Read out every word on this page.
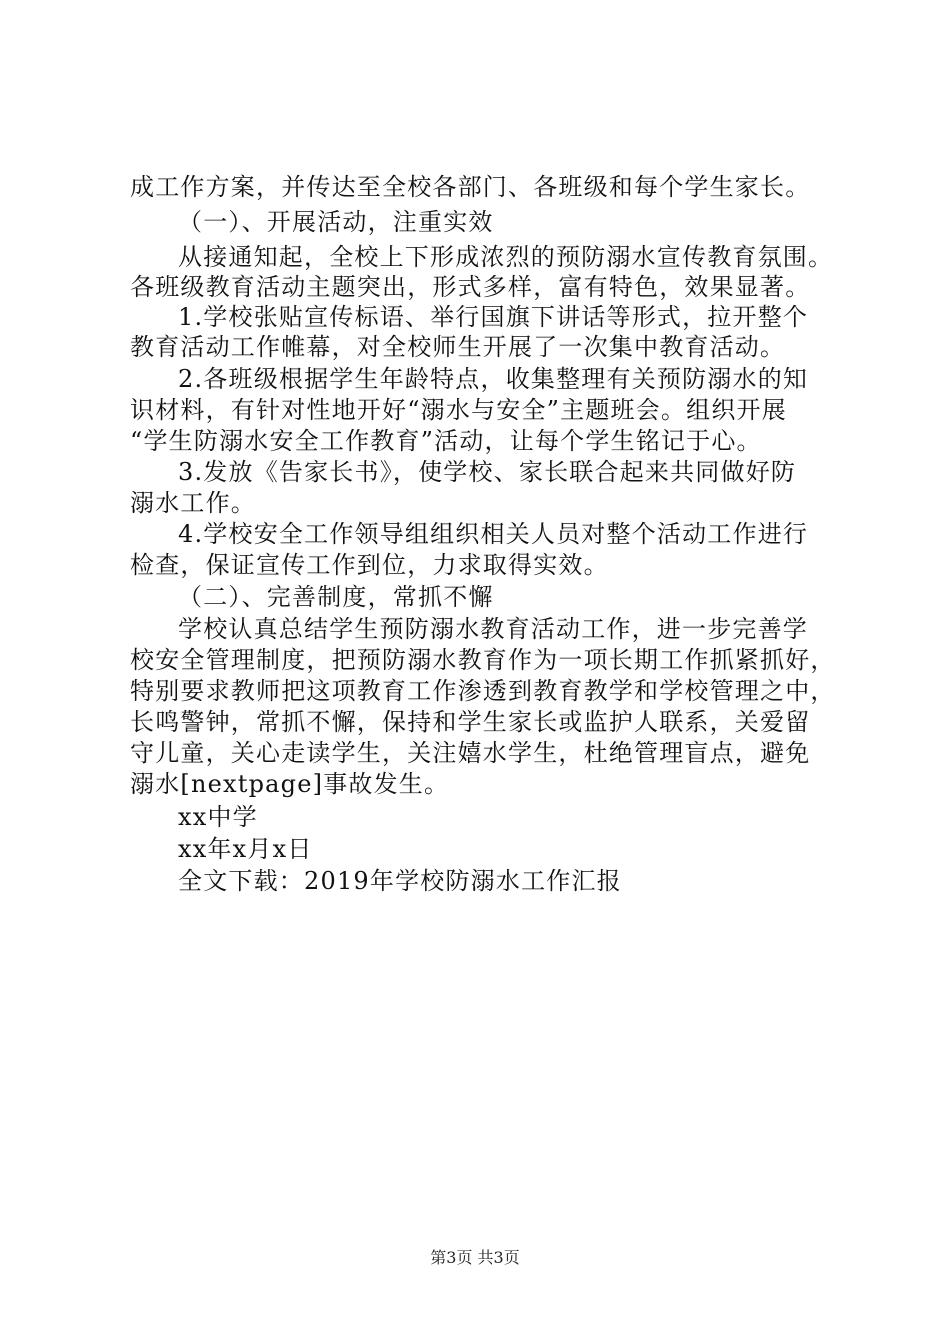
成工作方案，并传达至全校各部门、各班级和每个学生家长。
（一）、开展活动，注重实效
从接通知起，全校上下形成浓烈的预防溺水宣传教育氛围。
各班级教育活动主题突出，形式多样，富有特色，效果显著。
1.学校张贴宣传标语、举行国旗下讲话等形式，拉开整个
教育活动工作帷幕，对全校师生开展了一次集中教育活动。
2.各班级根据学生年龄特点，收集整理有关预防溺水的知
识材料，有针对性地开好“溺水与安全”主题班会。组织开展
“学生防溺水安全工作教育”活动，让每个学生铭记于心。
3.发放《告家长书》，使学校、家长联合起来共同做好防
溺水工作。
4.学校安全工作领导组组织相关人员对整个活动工作进行
检查，保证宣传工作到位，力求取得实效。
（二）、完善制度，常抓不懈
学校认真总结学生预防溺水教育活动工作，进一步完善学
校安全管理制度，把预防溺水教育作为一项长期工作抓紧抓好，
特别要求教师把这项教育工作渗透到教育教学和学校管理之中，
长鸣警钟，常抓不懈，保持和学生家长或监护人联系，关爱留
守儿童，关心走读学生，关注嬉水学生，杜绝管理盲点，避免
溺水[nextpage]事故发生。
xx中学
xx年x月x日
全文下载：2019年学校防溺水工作汇报
第3页 共3页
